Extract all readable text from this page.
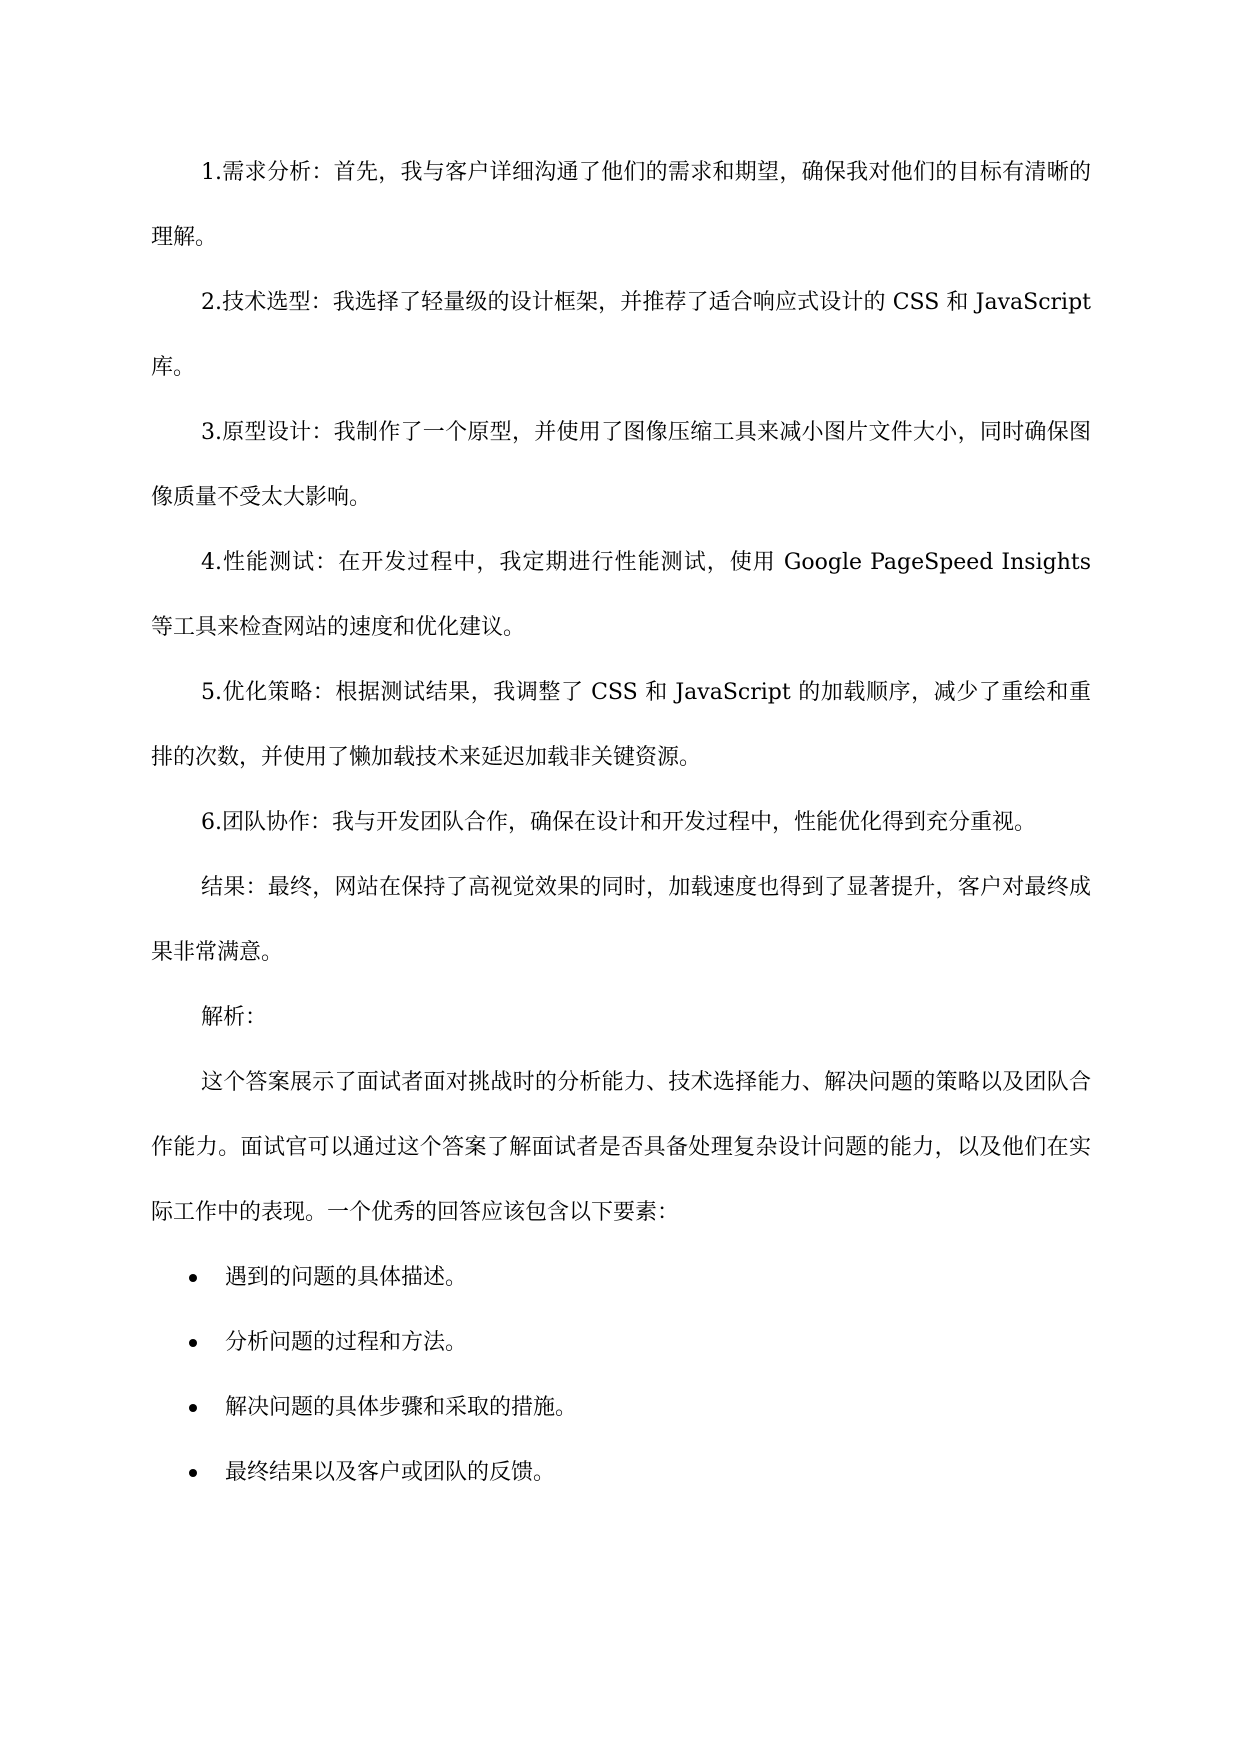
1.需求分析：首先，我与客户详细沟通了他们的需求和期望，确保我对他们的目标有清晰的理解。

2.技术选型：我选择了轻量级的设计框架，并推荐了适合响应式设计的 CSS 和 JavaScript 库。

3.原型设计：我制作了一个原型，并使用了图像压缩工具来减小图片文件大小，同时确保图像质量不受太大影响。

4.性能测试：在开发过程中，我定期进行性能测试，使用 Google PageSpeed Insights 等工具来检查网站的速度和优化建议。

5.优化策略：根据测试结果，我调整了 CSS 和 JavaScript 的加载顺序，减少了重绘和重排的次数，并使用了懒加载技术来延迟加载非关键资源。

6.团队协作：我与开发团队合作，确保在设计和开发过程中，性能优化得到充分重视。

结果：最终，网站在保持了高视觉效果的同时，加载速度也得到了显著提升，客户对最终成果非常满意。

解析：

这个答案展示了面试者面对挑战时的分析能力、技术选择能力、解决问题的策略以及团队合作能力。面试官可以通过这个答案了解面试者是否具备处理复杂设计问题的能力，以及他们在实际工作中的表现。一个优秀的回答应该包含以下要素：

遇到的问题的具体描述。
分析问题的过程和方法。
解决问题的具体步骤和采取的措施。
最终结果以及客户或团队的反馈。
